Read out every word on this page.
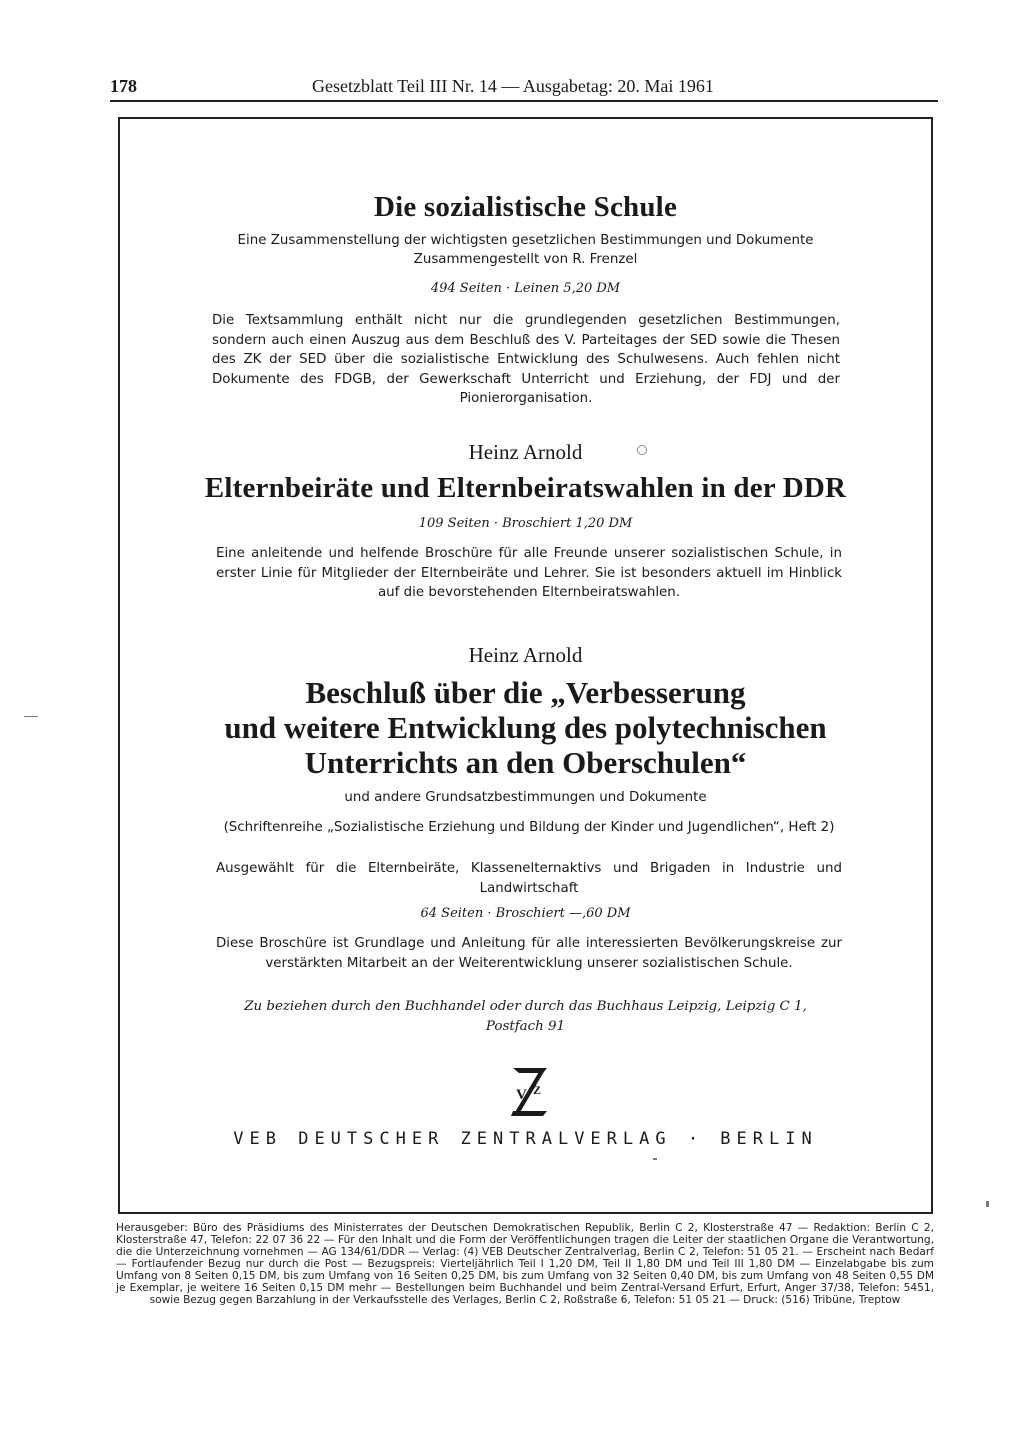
178	Gesetzblatt Teil III Nr. 14 — Ausgabetag: 20. Mai 1961
Die sozialistische Schule
Eine Zusammenstellung der wichtigsten gesetzlichen Bestimmungen und Dokumente
Zusammengestellt von R. Frenzel
494 Seiten · Leinen 5,20 DM
Die Textsammlung enthält nicht nur die grundlegenden gesetzlichen Bestimmungen, sondern auch einen Auszug aus dem Beschluß des V. Parteitages der SED sowie die Thesen des ZK der SED über die sozialistische Entwicklung des Schulwesens. Auch fehlen nicht Dokumente des FDGB, der Gewerkschaft Unterricht und Erziehung, der FDJ und der Pionierorganisation.
Heinz Arnold
Elternbeiräte und Elternbeiratswahlen in der DDR
109 Seiten · Broschiert 1,20 DM
Eine anleitende und helfende Broschüre für alle Freunde unserer sozialistischen Schule, in erster Linie für Mitglieder der Elternbeiräte und Lehrer. Sie ist besonders aktuell im Hinblick auf die bevorstehenden Elternbeiratswahlen.
Heinz Arnold
Beschluß über die „Verbesserung
und weitere Entwicklung des polytechnischen
Unterrichts an den Oberschulen“
und andere Grundsatzbestimmungen und Dokumente
(Schriftenreihe „Sozialistische Erziehung und Bildung der Kinder und Jugendlichen“, Heft 2)
Ausgewählt für die Elternbeiräte, Klassenelternaktivs und Brigaden in Industrie und Landwirtschaft
64 Seiten · Broschiert —,60 DM
Diese Broschüre ist Grundlage und Anleitung für alle interessierten Bevölkerungskreise zur verstärkten Mitarbeit an der Weiterentwicklung unserer sozialistischen Schule.
Zu beziehen durch den Buchhandel oder durch das Buchhaus Leipzig, Leipzig C 1,
Postfach 91
V Z
VEB DEUTSCHER ZENTRALVERLAG · BERLIN

Herausgeber: Büro des Präsidiums des Ministerrates der Deutschen Demokratischen Republik, Berlin C 2, Klosterstraße 47 — Redaktion: Berlin C 2, Klosterstraße 47, Telefon: 22 07 36 22 — Für den Inhalt und die Form der Veröffentlichungen tragen die Leiter der staatlichen Organe die Verantwortung, die die Unterzeichnung vornehmen — AG 134/61/DDR — Verlag: (4) VEB Deutscher Zentralverlag, Berlin C 2, Telefon: 51 05 21. — Erscheint nach Bedarf — Fortlaufender Bezug nur durch die Post — Bezugspreis: Vierteljährlich Teil I 1,20 DM, Teil II 1,80 DM und Teil III 1,80 DM — Einzelabgabe bis zum Umfang von 8 Seiten 0,15 DM, bis zum Umfang von 16 Seiten 0,25 DM, bis zum Umfang von 32 Seiten 0,40 DM, bis zum Umfang von 48 Seiten 0,55 DM je Exemplar, je weitere 16 Seiten 0,15 DM mehr — Bestellungen beim Buchhandel und beim Zentral-Versand Erfurt, Erfurt, Anger 37/38, Telefon: 5451, sowie Bezug gegen Barzahlung in der Verkaufsstelle des Verlages, Berlin C 2, Roßstraße 6, Telefon: 51 05 21 — Druck: (516) Tribüne, Treptow
